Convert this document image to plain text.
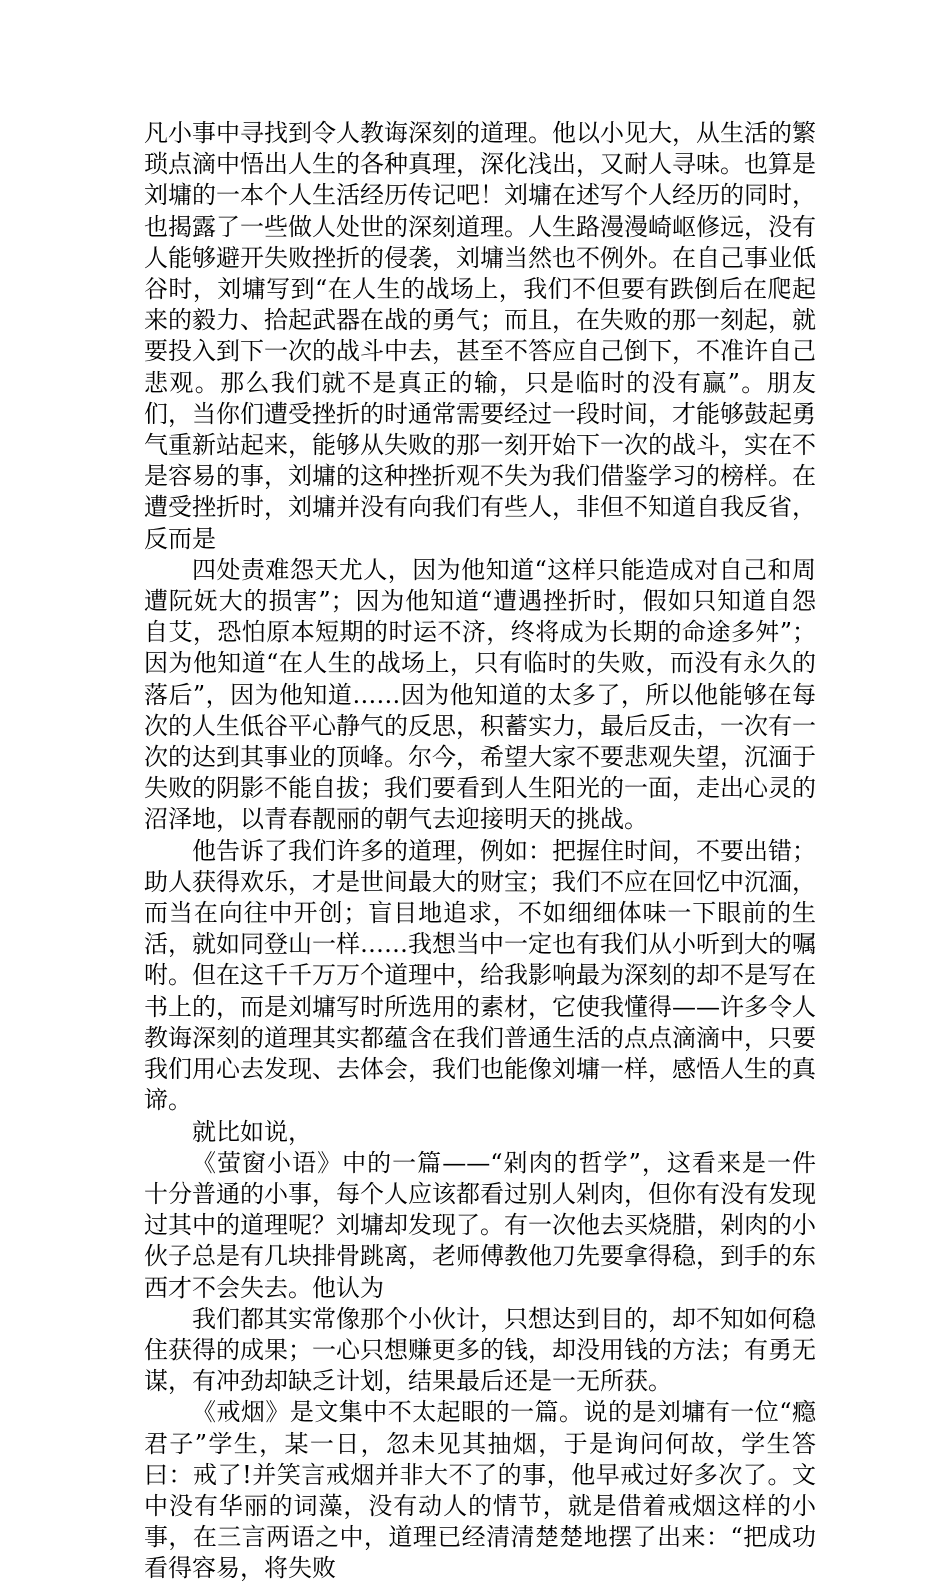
凡小事中寻找到令人教诲深刻的道理。他以小见大，从生活的繁琐点滴中悟出人生的各种真理，深化浅出，又耐人寻味。也算是刘墉的一本个人生活经历传记吧！刘墉在述写个人经历的同时，也揭露了一些做人处世的深刻道理。人生路漫漫崎岖修远，没有人能够避开失败挫折的侵袭，刘墉当然也不例外。在自己事业低谷时，刘墉写到“在人生的战场上，我们不但要有跌倒后在爬起来的毅力、拾起武器在战的勇气；而且，在失败的那一刻起，就要投入到下一次的战斗中去，甚至不答应自己倒下，不准许自己悲观。那么我们就不是真正的输，只是临时的没有赢”。朋友们，当你们遭受挫折的时通常需要经过一段时间，才能够鼓起勇气重新站起来，能够从失败的那一刻开始下一次的战斗，实在不是容易的事，刘墉的这种挫折观不失为我们借鉴学习的榜样。在遭受挫折时，刘墉并没有向我们有些人，非但不知道自我反省，反而是

四处责难怨天尤人，因为他知道“这样只能造成对自己和周遭阮妩大的损害”；因为他知道“遭遇挫折时，假如只知道自怨自艾，恐怕原本短期的时运不济，终将成为长期的命途多舛”；因为他知道“在人生的战场上，只有临时的失败，而没有永久的落后”，因为他知道……因为他知道的太多了，所以他能够在每次的人生低谷平心静气的反思，积蓄实力，最后反击，一次有一次的达到其事业的顶峰。尔今，希望大家不要悲观失望，沉湎于失败的阴影不能自拔；我们要看到人生阳光的一面，走出心灵的沼泽地，以青春靓丽的朝气去迎接明天的挑战。

他告诉了我们许多的道理，例如：把握住时间，不要出错；助人获得欢乐，才是世间最大的财宝；我们不应在回忆中沉湎，而当在向往中开创；盲目地追求，不如细细体味一下眼前的生活，就如同登山一样……我想当中一定也有我们从小听到大的嘱咐。但在这千千万万个道理中，给我影响最为深刻的却不是写在书上的，而是刘墉写时所选用的素材，它使我懂得——许多令人教诲深刻的道理其实都蕴含在我们普通生活的点点滴滴中，只要我们用心去发现、去体会，我们也能像刘墉一样，感悟人生的真谛。

就比如说，

《萤窗小语》中的一篇——“剁肉的哲学”，这看来是一件十分普通的小事，每个人应该都看过别人剁肉，但你有没有发现过其中的道理呢？刘墉却发现了。有一次他去买烧腊，剁肉的小伙子总是有几块排骨跳离，老师傅教他刀先要拿得稳，到手的东西才不会失去。他认为

我们都其实常像那个小伙计，只想达到目的，却不知如何稳住获得的成果；一心只想赚更多的钱，却没用钱的方法；有勇无谋，有冲劲却缺乏计划，结果最后还是一无所获。

《戒烟》是文集中不太起眼的一篇。说的是刘墉有一位“瘾君子”学生，某一日，忽未见其抽烟，于是询问何故，学生答曰：戒了!并笑言戒烟并非大不了的事，他早戒过好多次了。文中没有华丽的词藻，没有动人的情节，就是借着戒烟这样的小事，在三言两语之中，道理已经清清楚楚地摆了出来：“把成功看得容易，将失败
